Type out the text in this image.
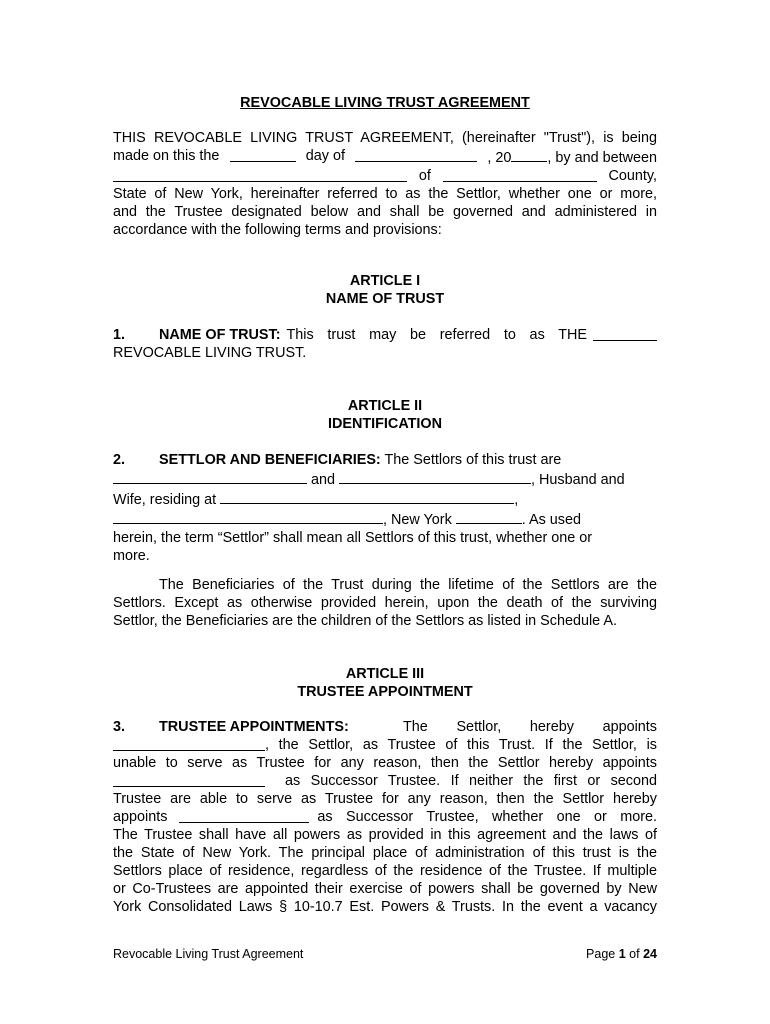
REVOCABLE LIVING TRUST AGREEMENT
THIS REVOCABLE LIVING TRUST AGREEMENT, (hereinafter "Trust"), is being
made on this the	day of	, 20	, by and between
of	County,
State of New York, hereinafter referred to as the Settlor, whether one or more,
and the Trustee designated below and shall be governed and administered in
accordance with the following terms and provisions:
ARTICLE I
NAME OF TRUST
1. NAME OF TRUST: This trust may be referred to as THE
REVOCABLE LIVING TRUST.
ARTICLE II
IDENTIFICATION
2. SETTLOR AND BENEFICIARIES: The Settlors of this trust are
and	, Husband and
Wife, residing at	,
, New York	. As used
herein, the term “Settlor” shall mean all Settlors of this trust, whether one or
more.
The Beneficiaries of the Trust during the lifetime of the Settlors are the
Settlors. Except as otherwise provided herein, upon the death of the surviving
Settlor, the Beneficiaries are the children of the Settlors as listed in Schedule A.
ARTICLE III
TRUSTEE APPOINTMENT
3.	TRUSTEE APPOINTMENTS:	The Settlor, hereby appoints
, the Settlor, as Trustee of this Trust. If the Settlor, is
unable to serve as Trustee for any reason, then the Settlor hereby appoints
as Successor Trustee. If neither the first or second
Trustee are able to serve as Trustee for any reason, then the Settlor hereby
appoints	as Successor Trustee, whether one or more.
The Trustee shall have all powers as provided in this agreement and the laws of
the State of New York. The principal place of administration of this trust is the
Settlors place of residence, regardless of the residence of the Trustee. If multiple
or Co-Trustees are appointed their exercise of powers shall be governed by New
York Consolidated Laws § 10-10.7 Est. Powers & Trusts. In the event a vacancy
Revocable Living Trust Agreement	Page 1 of 24
